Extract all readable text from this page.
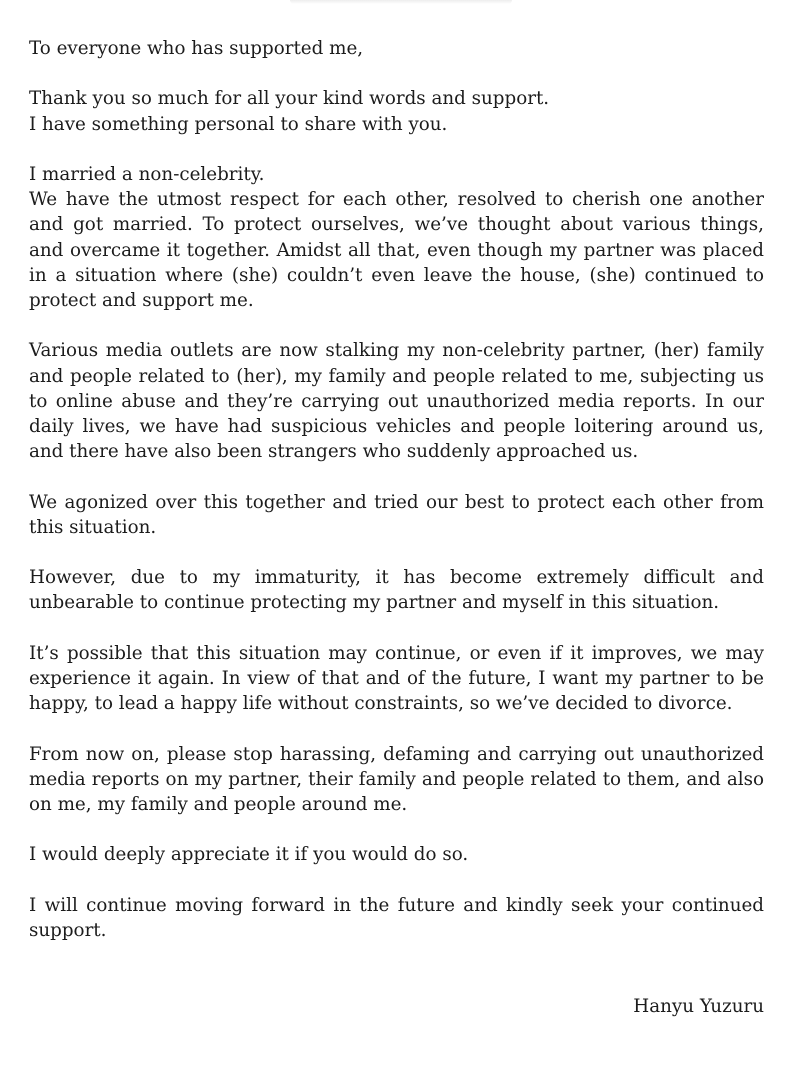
To everyone who has supported me,

Thank you so much for all your kind words and support.
I have something personal to share with you.

I married a non-celebrity.
We have the utmost respect for each other, resolved to cherish one another and got married. To protect ourselves, we’ve thought about various things, and overcame it together. Amidst all that, even though my partner was placed in a situation where (she) couldn’t even leave the house, (she) continued to protect and support me.

Various media outlets are now stalking my non-celebrity partner, (her) family and people related to (her), my family and people related to me, subjecting us to online abuse and they’re carrying out unauthorized media reports. In our daily lives, we have had suspicious vehicles and people loitering around us, and there have also been strangers who suddenly approached us.

We agonized over this together and tried our best to protect each other from this situation.

However, due to my immaturity, it has become extremely difficult and unbearable to continue protecting my partner and myself in this situation.

It’s possible that this situation may continue, or even if it improves, we may experience it again. In view of that and of the future, I want my partner to be happy, to lead a happy life without constraints, so we’ve decided to divorce.

From now on, please stop harassing, defaming and carrying out unauthorized media reports on my partner, their family and people related to them, and also on me, my family and people around me.

I would deeply appreciate it if you would do so.

I will continue moving forward in the future and kindly seek your continued support.

Hanyu Yuzuru
